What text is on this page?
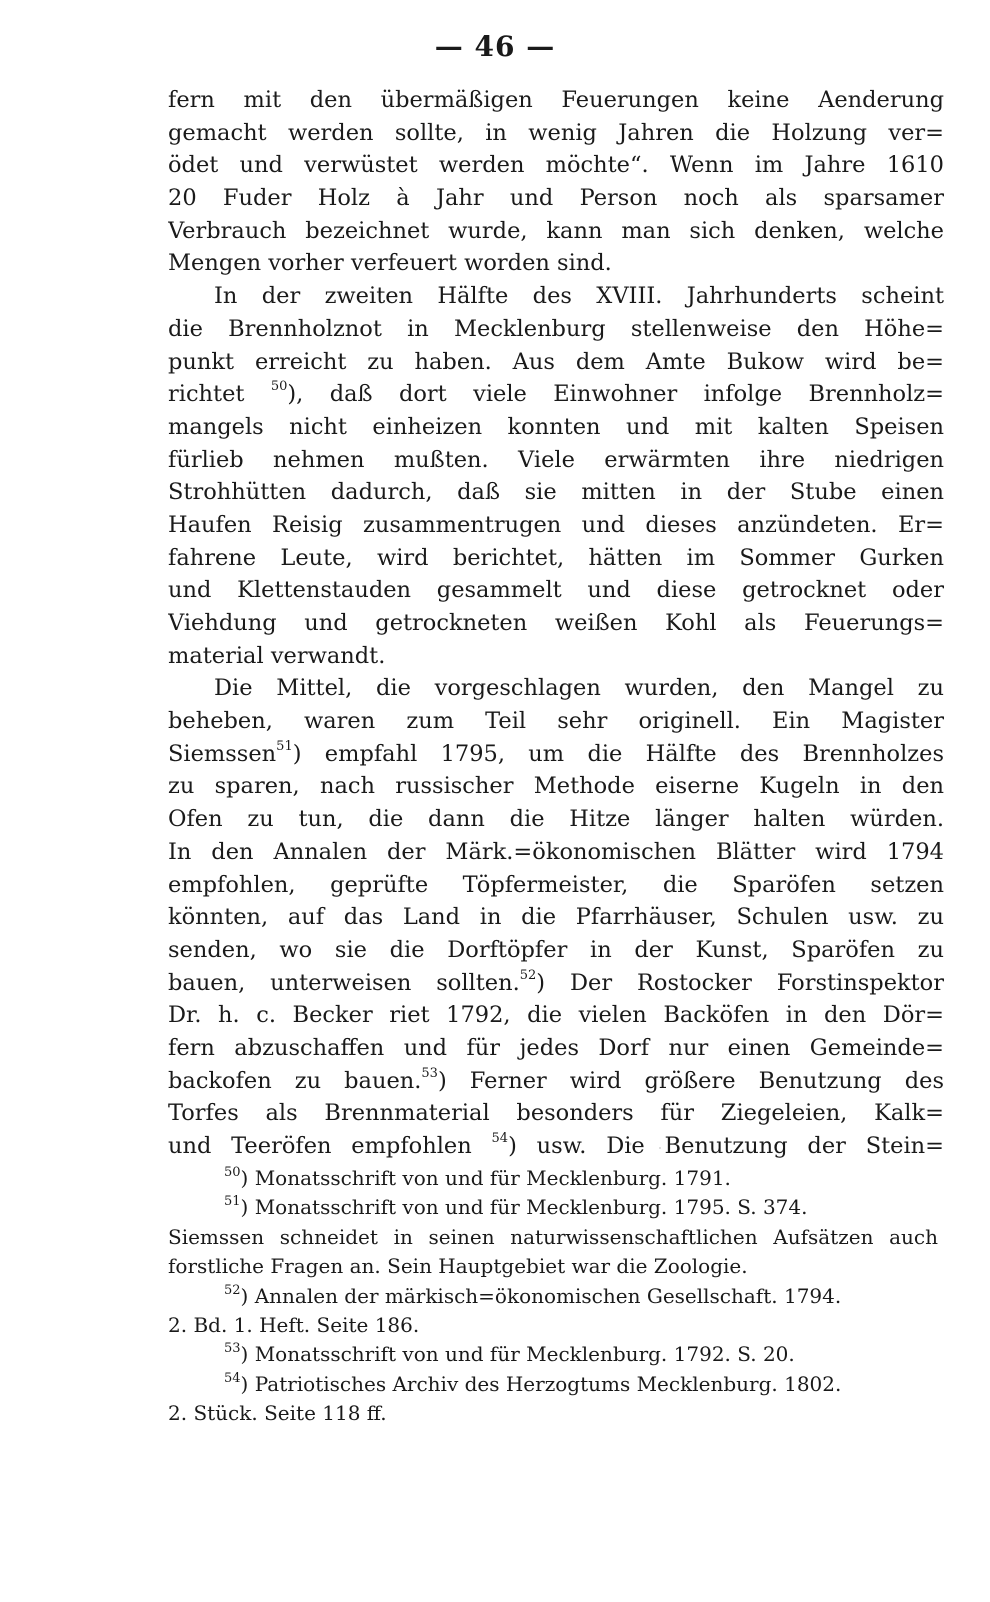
— 46 —
fern mit den übermäßigen Feuerungen keine Aenderung
gemacht werden sollte, in wenig Jahren die Holzung ver=
ödet und verwüstet werden möchte“. Wenn im Jahre 1610
20 Fuder Holz à Jahr und Person noch als sparsamer
Verbrauch bezeichnet wurde, kann man sich denken, welche
Mengen vorher verfeuert worden sind.
In der zweiten Hälfte des XVIII. Jahrhunderts scheint
die Brennholznot in Mecklenburg stellenweise den Höhe=
punkt erreicht zu haben. Aus dem Amte Bukow wird be=
richtet $^{50}$), daß dort viele Einwohner infolge Brennholz=
mangels nicht einheizen konnten und mit kalten Speisen
fürlieb nehmen mußten. Viele erwärmten ihre niedrigen
Strohhütten dadurch, daß sie mitten in der Stube einen
Haufen Reisig zusammentrugen und dieses anzündeten. Er=
fahrene Leute, wird berichtet, hätten im Sommer Gurken
und Klettenstauden gesammelt und diese getrocknet oder
Viehdung und getrockneten weißen Kohl als Feuerungs=
material verwandt.
Die Mittel, die vorgeschlagen wurden, den Mangel zu
beheben, waren zum Teil sehr originell. Ein Magister
Siemssen$^{51}$) empfahl 1795, um die Hälfte des Brennholzes
zu sparen, nach russischer Methode eiserne Kugeln in den
Ofen zu tun, die dann die Hitze länger halten würden.
In den Annalen der Märk.=ökonomischen Blätter wird 1794
empfohlen, geprüfte Töpfermeister, die Sparöfen setzen
könnten, auf das Land in die Pfarrhäuser, Schulen usw. zu
senden, wo sie die Dorftöpfer in der Kunst, Sparöfen zu
bauen, unterweisen sollten.$^{52}$) Der Rostocker Forstinspektor
Dr. h. c. Becker riet 1792, die vielen Backöfen in den Dör=
fern abzuschaffen und für jedes Dorf nur einen Gemeinde=
backofen zu bauen.$^{53}$) Ferner wird größere Benutzung des
Torfes als Brennmaterial besonders für Ziegeleien, Kalk=
und Teeröfen empfohlen $^{54}$) usw. Die Benutzung der Stein=
$^{50}$) Monatsschrift von und für Mecklenburg. 1791.
$^{51}$) Monatsschrift von und für Mecklenburg. 1795. S. 374.
Siemssen schneidet in seinen naturwissenschaftlichen Aufsätzen auch
forstliche Fragen an. Sein Hauptgebiet war die Zoologie.
$^{52}$) Annalen der märkisch=ökonomischen Gesellschaft. 1794.
2. Bd. 1. Heft. Seite 186.
$^{53}$) Monatsschrift von und für Mecklenburg. 1792. S. 20.
$^{54}$) Patriotisches Archiv des Herzogtums Mecklenburg. 1802.
2. Stück. Seite 118 ff.
